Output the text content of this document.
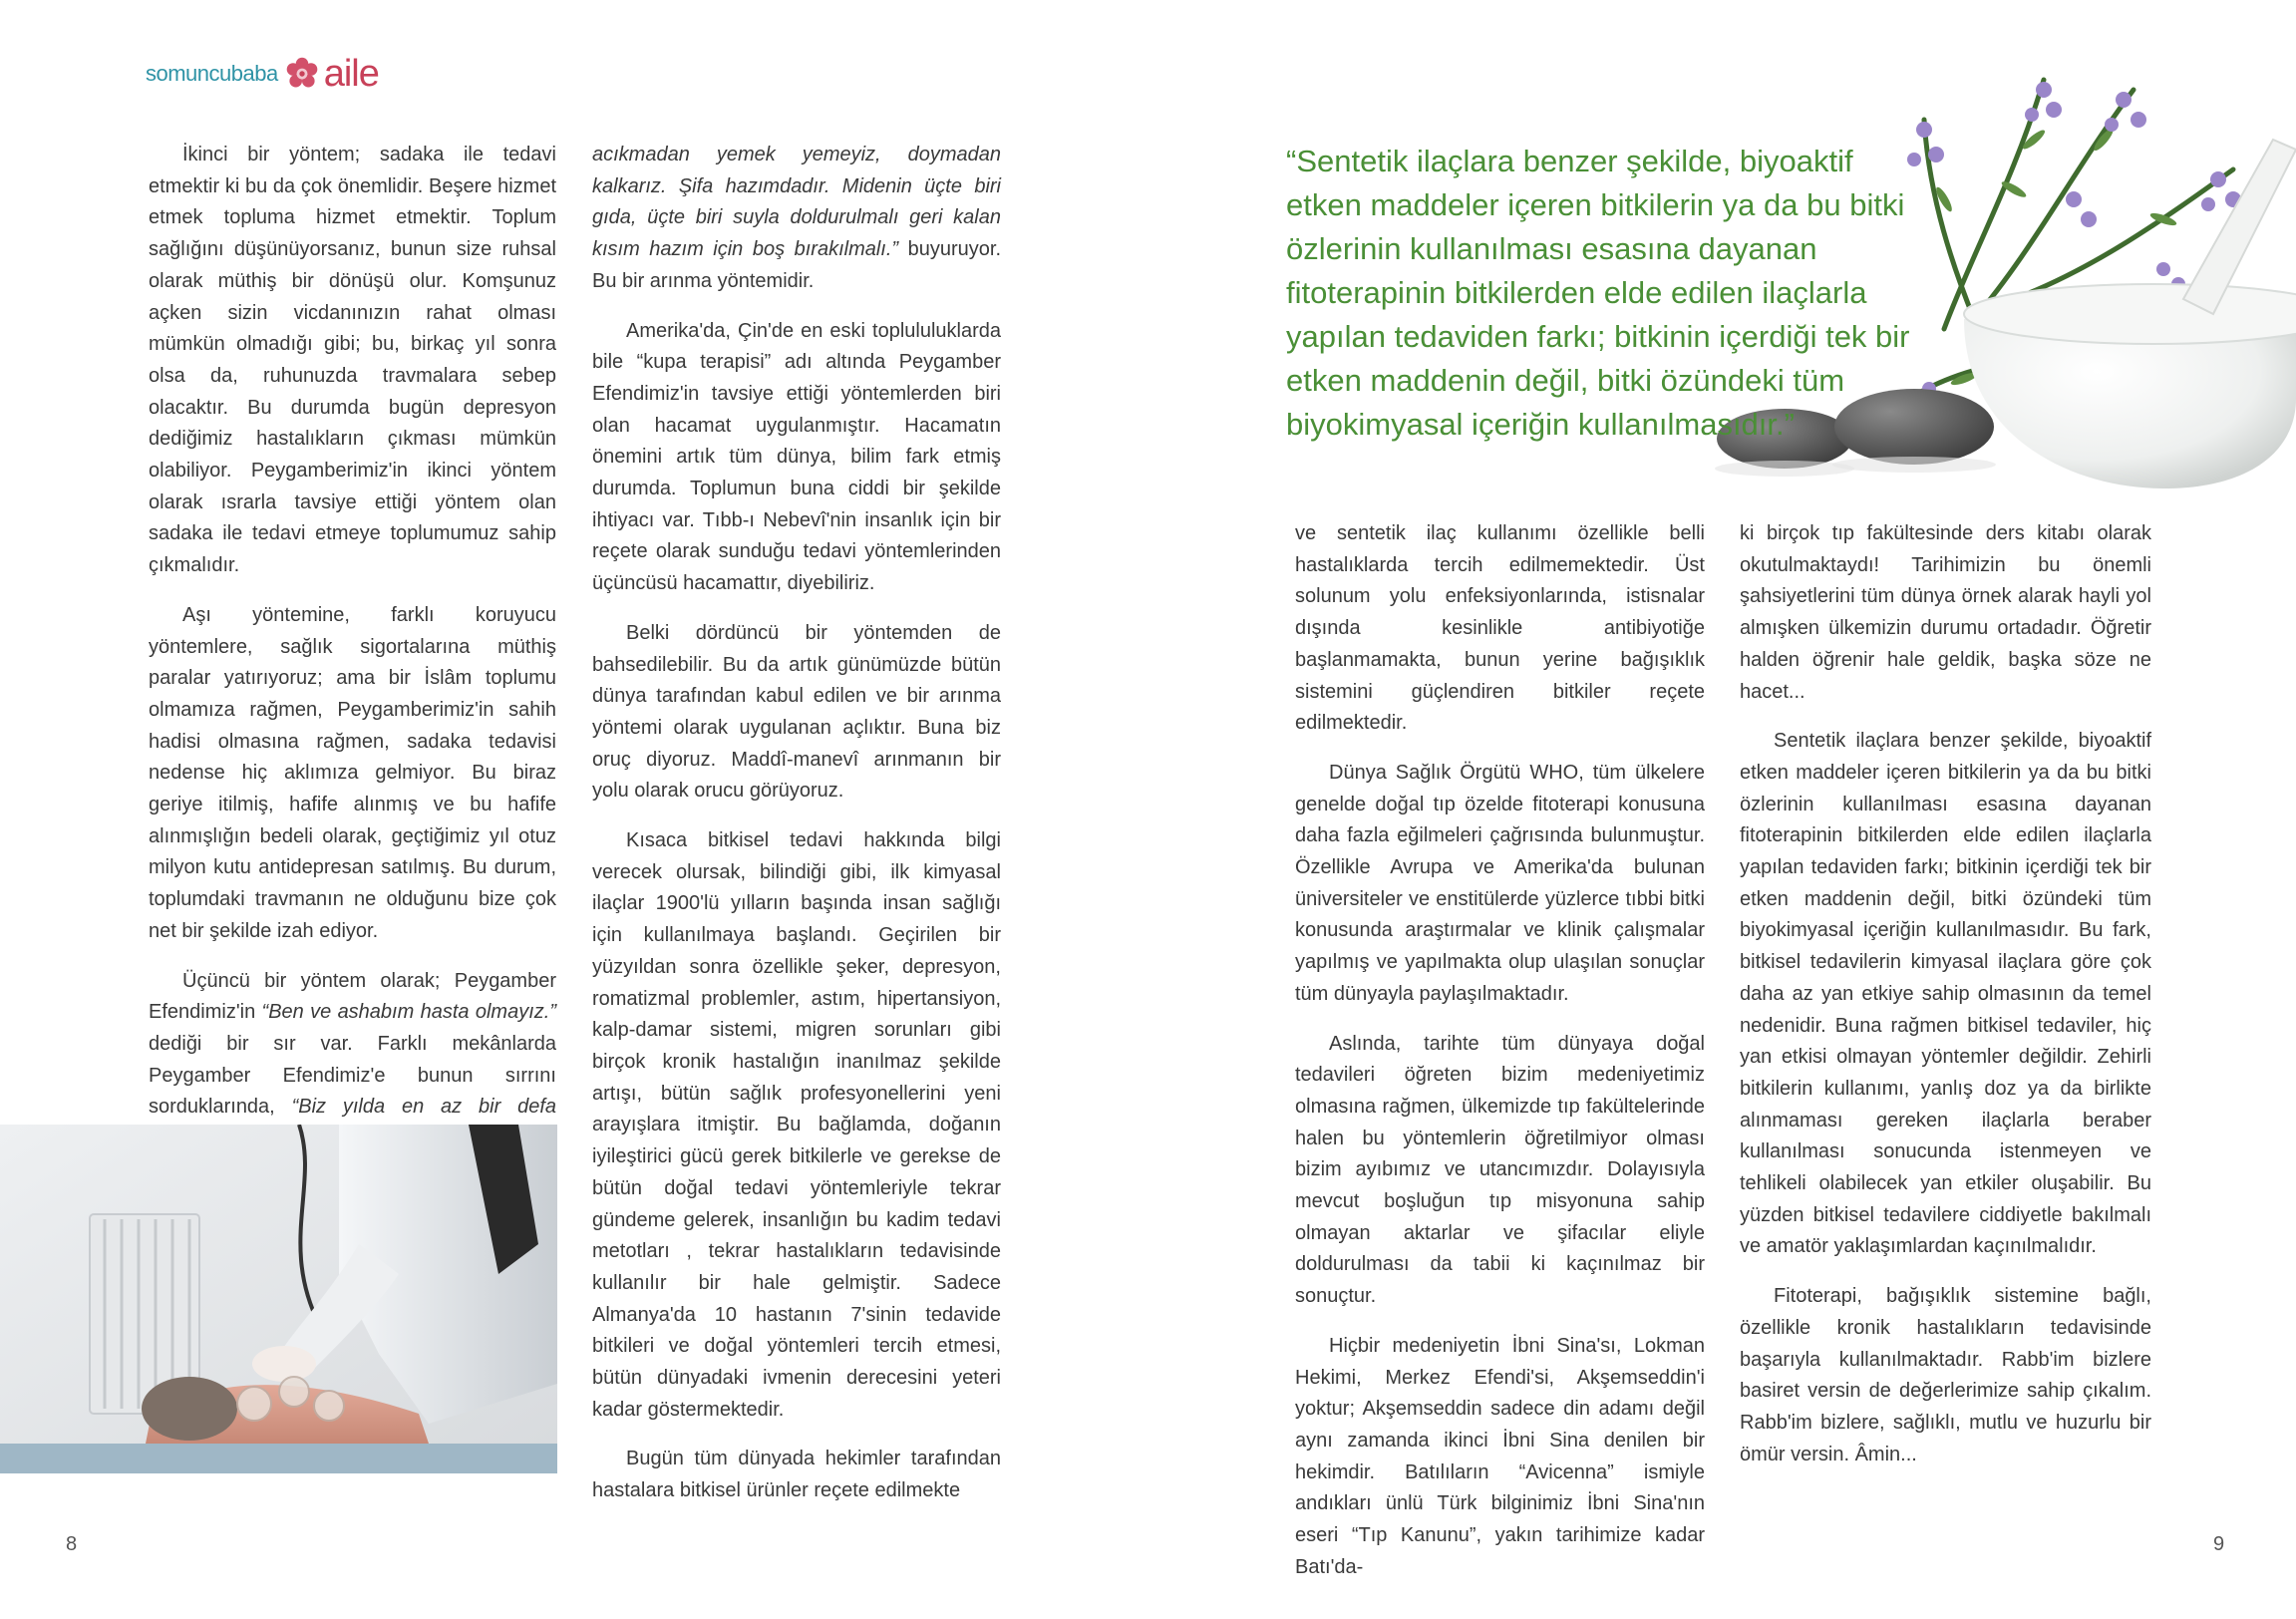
somuncubaba aile

İkinci bir yöntem; sadaka ile tedavi etmektir ki bu da çok önemlidir. Beşere hizmet etmek topluma hizmet etmektir. Toplum sağlığını düşünüyorsanız, bunun size ruhsal olarak müthiş bir dönüşü olur. Komşunuz açken sizin vicdanınızın rahat olması mümkün olmadığı gibi; bu, birkaç yıl sonra olsa da, ruhunuzda travmalara sebep olacaktır. Bu durumda bugün depresyon dediğimiz hastalıkların çıkması mümkün olabiliyor. Peygamberimiz'in ikinci yöntem olarak ısrarla tavsiye ettiği yöntem olan sadaka ile tedavi etmeye toplumumuz sahip çıkmalıdır.

Aşı yöntemine, farklı koruyucu yöntemlere, sağlık sigortalarına müthiş paralar yatırıyoruz; ama bir İslâm toplumu olmamıza rağmen, Peygamberimiz'in sahih hadisi olmasına rağmen, sadaka tedavisi nedense hiç aklımıza gelmiyor. Bu biraz geriye itilmiş, hafife alınmış ve bu hafife alınmışlığın bedeli olarak, geçtiğimiz yıl otuz milyon kutu antidepresan satılmış. Bu durum, toplumdaki travmanın ne olduğunu bize çok net bir şekilde izah ediyor.

Üçüncü bir yöntem olarak; Peygamber Efendimiz'in “Ben ve ashabım hasta olmayız.” dediği bir sır var. Farklı mekânlarda Peygamber Efendimiz'e bunun sırrını sorduklarında, “Biz yılda en az bir defa

acıkmadan yemek yemeyiz, doymadan kalkarız. Şifa hazımdadır. Midenin üçte biri gıda, üçte biri suyla doldurulmalı geri kalan kısım hazım için boş bırakılmalı.” buyuruyor. Bu bir arınma yöntemidir.

Amerika'da, Çin'de en eski toplululuklarda bile “kupa terapisi” adı altında Peygamber Efendimiz'in tavsiye ettiği yöntemlerden biri olan hacamat uygulanmıştır. Hacamatın önemini artık tüm dünya, bilim fark etmiş durumda. Toplumun buna ciddi bir şekilde ihtiyacı var. Tıbb-ı Nebevî'nin insanlık için bir reçete olarak sunduğu tedavi yöntemlerinden üçüncüsü hacamattır, diyebiliriz.

Belki dördüncü bir yöntemden de bahsedilebilir. Bu da artık günümüzde bütün dünya tarafından kabul edilen ve bir arınma yöntemi olarak uygulanan açlıktır. Buna biz oruç diyoruz. Maddî-manevî arınmanın bir yolu olarak orucu görüyoruz.

Kısaca bitkisel tedavi hakkında bilgi verecek olursak, bilindiği gibi, ilk kimyasal ilaçlar 1900'lü yılların başında insan sağlığı için kullanılmaya başlandı. Geçirilen bir yüzyıldan sonra özellikle şeker, depresyon, romatizmal problemler, astım, hipertansiyon, kalp-damar sistemi, migren sorunları gibi birçok kronik hastalığın inanılmaz şekilde artışı, bütün sağlık profesyonellerini yeni arayışlara itmiştir. Bu bağlamda, doğanın iyileştirici gücü gerek bitkilerle ve gerekse de bütün doğal tedavi yöntemleriyle tekrar gündeme gelerek, insanlığın bu kadim tedavi metotları , tekrar hastalıkların tedavisinde kullanılır bir hale gelmiştir. Sadece Almanya'da 10 hastanın 7'sinin tedavide bitkileri ve doğal yöntemleri tercih etmesi, bütün dünyadaki ivmenin derecesini yeteri kadar göstermektedir.

Bugün tüm dünyada hekimler tarafından hastalara bitkisel ürünler reçete edilmekte

“Sentetik ilaçlara benzer şekilde, biyoaktif etken maddeler içeren bitkilerin ya da bu bitki özlerinin kullanılması esasına dayanan fitoterapinin bitkilerden elde edilen ilaçlarla yapılan tedaviden farkı; bitkinin içerdiği tek bir etken maddenin değil, bitki özündeki tüm biyokimyasal içeriğin kullanılmasıdır.”

ve sentetik ilaç kullanımı özellikle belli hastalıklarda tercih edilmemektedir. Üst solunum yolu enfeksiyonlarında, istisnalar dışında kesinlikle antibiyotiğe başlanmamakta, bunun yerine bağışıklık sistemini güçlendiren bitkiler reçete edilmektedir.

Dünya Sağlık Örgütü WHO, tüm ülkelere genelde doğal tıp özelde fitoterapi konusuna daha fazla eğilmeleri çağrısında bulunmuştur. Özellikle Avrupa ve Amerika'da bulunan üniversiteler ve enstitülerde yüzlerce tıbbi bitki konusunda araştırmalar ve klinik çalışmalar yapılmış ve yapılmakta olup ulaşılan sonuçlar tüm dünyayla paylaşılmaktadır.

Aslında, tarihte tüm dünyaya doğal tedavileri öğreten bizim medeniyetimiz olmasına rağmen, ülkemizde tıp fakültelerinde halen bu yöntemlerin öğretilmiyor olması bizim ayıbımız ve utancımızdır. Dolayısıyla mevcut boşluğun tıp misyonuna sahip olmayan aktarlar ve şifacılar eliyle doldurulması da tabii ki kaçınılmaz bir sonuçtur.

Hiçbir medeniyetin İbni Sina'sı, Lokman Hekimi, Merkez Efendi'si, Akşemseddin'i yoktur; Akşemseddin sadece din adamı değil aynı zamanda ikinci İbni Sina denilen bir hekimdir. Batılıların “Avicenna” ismiyle andıkları ünlü Türk bilginimiz İbni Sina'nın eseri “Tıp Kanunu”, yakın tarihimize kadar Batı'da-

ki birçok tıp fakültesinde ders kitabı olarak okutulmaktaydı! Tarihimizin bu önemli şahsiyetlerini tüm dünya örnek alarak hayli yol almışken ülkemizin durumu ortadadır. Öğretir halden öğrenir hale geldik, başka söze ne hacet...

Sentetik ilaçlara benzer şekilde, biyoaktif etken maddeler içeren bitkilerin ya da bu bitki özlerinin kullanılması esasına dayanan fitoterapinin bitkilerden elde edilen ilaçlarla yapılan tedaviden farkı; bitkinin içerdiği tek bir etken maddenin değil, bitki özündeki tüm biyokimyasal içeriğin kullanılmasıdır. Bu fark, bitkisel tedavilerin kimyasal ilaçlara göre çok daha az yan etkiye sahip olmasının da temel nedenidir. Buna rağmen bitkisel tedaviler, hiç yan etkisi olmayan yöntemler değildir. Zehirli bitkilerin kullanımı, yanlış doz ya da birlikte alınmaması gereken ilaçlarla beraber kullanılması sonucunda istenmeyen ve tehlikeli olabilecek yan etkiler oluşabilir. Bu yüzden bitkisel tedavilere ciddiyetle bakılmalı ve amatör yaklaşımlardan kaçınılmalıdır.

Fitoterapi, bağışıklık sistemine bağlı, özellikle kronik hastalıkların tedavisinde başarıyla kullanılmaktadır. Rabb'im bizlere basiret versin de değerlerimize sahip çıkalım. Rabb'im bizlere, sağlıklı, mutlu ve huzurlu bir ömür versin. Âmin...

8	9
